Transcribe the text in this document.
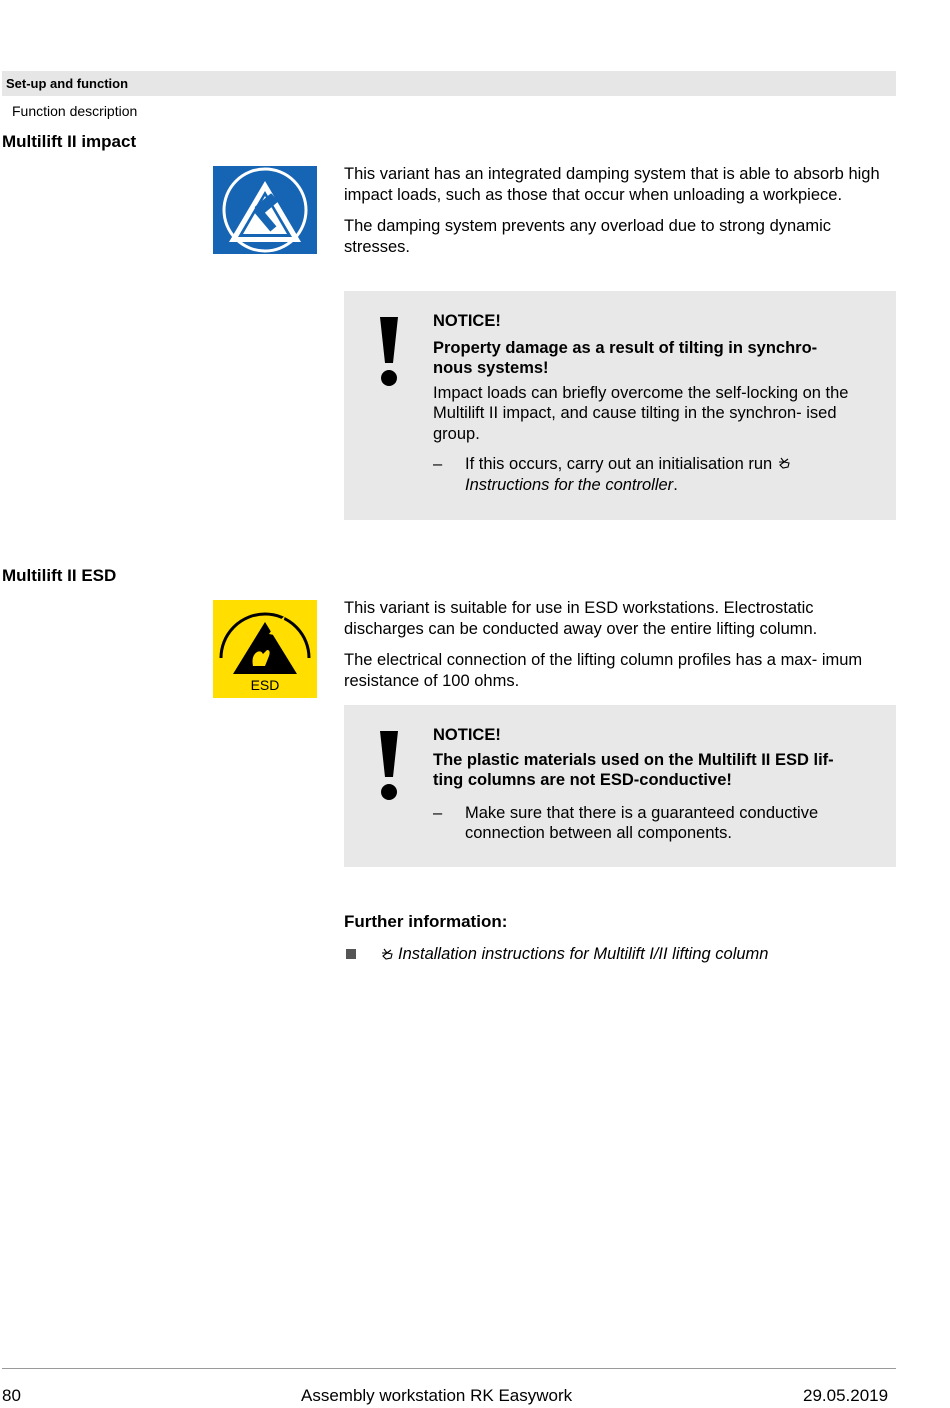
Set-up and function
Function description
Multilift II impact

This variant has an integrated damping system that is able to absorb high impact loads, such as those that occur when unloading a workpiece.

The damping system prevents any overload due to strong dynamic stresses.

NOTICE!
Property damage as a result of tilting in synchro-
nous systems!
Impact loads can briefly overcome the self-locking on the Multilift II impact, and cause tilting in the synchron- ised group.
– If this occurs, carry out an initialisation run
Instructions for the controller.
Multilift II ESD
ESD

This variant is suitable for use in ESD workstations. Electrostatic discharges can be conducted away over the entire lifting column.

The electrical connection of the lifting column profiles has a max- imum resistance of 100 ohms.

NOTICE!
The plastic materials used on the Multilift II ESD lif-
ting columns are not ESD-conductive!
– Make sure that there is a guaranteed conductive connection between all components.
Further information:
Installation instructions for Multilift I/II lifting column
80	Assembly workstation RK Easywork	29.05.2019
